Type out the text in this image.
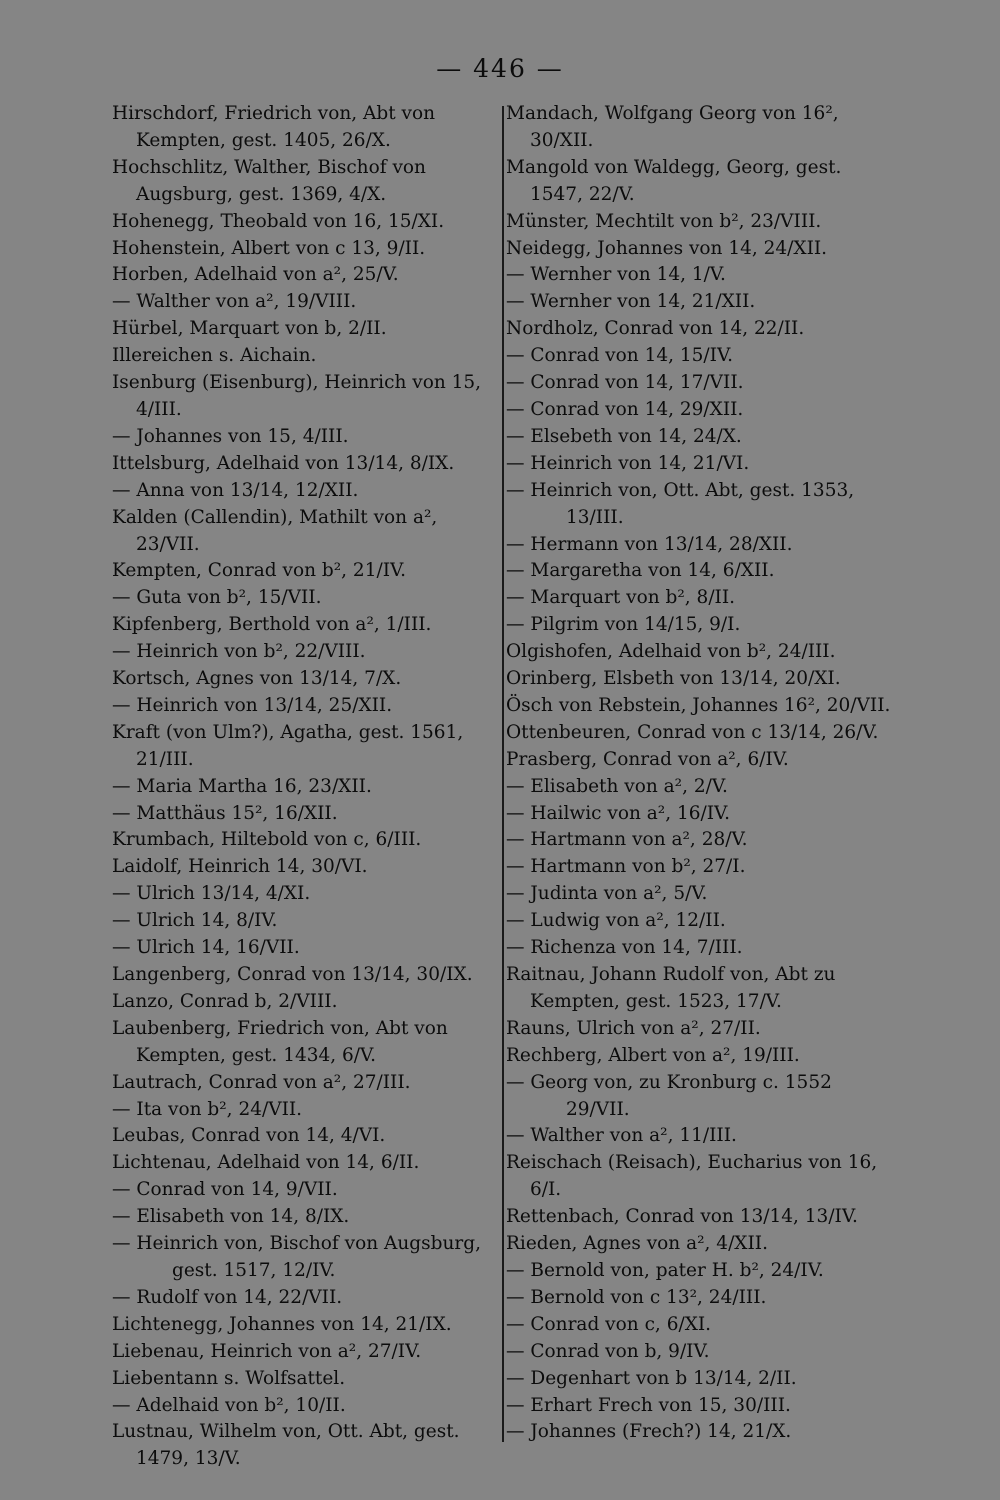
— 446 —
Hirschdorf, Friedrich von, Abt von Kempten, gest. 1405, 26/X.
Hochschlitz, Walther, Bischof von Augsburg, gest. 1369, 4/X.
Hohenegg, Theobald von 16, 15/XI.
Hohenstein, Albert von c 13, 9/II.
Horben, Adelhaid von a², 25/V.
— Walther von a², 19/VIII.
Hürbel, Marquart von b, 2/II.
Illereichen s. Aichain.
Isenburg (Eisenburg), Heinrich von 15, 4/III.
— Johannes von 15, 4/III.
Ittelsburg, Adelhaid von 13/14, 8/IX.
— Anna von 13/14, 12/XII.
Kalden (Callendin), Mathilt von a², 23/VII.
Kempten, Conrad von b², 21/IV.
— Guta von b², 15/VII.
Kipfenberg, Berthold von a², 1/III.
— Heinrich von b², 22/VIII.
Kortsch, Agnes von 13/14, 7/X.
— Heinrich von 13/14, 25/XII.
Kraft (von Ulm?), Agatha, gest. 1561, 21/III.
— Maria Martha 16, 23/XII.
— Matthäus 15², 16/XII.
Krumbach, Hiltebold von c, 6/III.
Laidolf, Heinrich 14, 30/VI.
— Ulrich 13/14, 4/XI.
— Ulrich 14, 8/IV.
— Ulrich 14, 16/VII.
Langenberg, Conrad von 13/14, 30/IX.
Lanzo, Conrad b, 2/VIII.
Laubenberg, Friedrich von, Abt von Kempten, gest. 1434, 6/V.
Lautrach, Conrad von a², 27/III.
— Ita von b², 24/VII.
Leubas, Conrad von 14, 4/VI.
Lichtenau, Adelhaid von 14, 6/II.
— Conrad von 14, 9/VII.
— Elisabeth von 14, 8/IX.
— Heinrich von, Bischof von Augsburg, gest. 1517, 12/IV.
— Rudolf von 14, 22/VII.
Lichtenegg, Johannes von 14, 21/IX.
Liebenau, Heinrich von a², 27/IV.
Liebentann s. Wolfsattel.
— Adelhaid von b², 10/II.
Lustnau, Wilhelm von, Ott. Abt, gest. 1479, 13/V.
Mandach, Wolfgang Georg von 16², 30/XII.
Mangold von Waldegg, Georg, gest. 1547, 22/V.
Münster, Mechtilt von b², 23/VIII.
Neidegg, Johannes von 14, 24/XII.
— Wernher von 14, 1/V.
— Wernher von 14, 21/XII.
Nordholz, Conrad von 14, 22/II.
— Conrad von 14, 15/IV.
— Conrad von 14, 17/VII.
— Conrad von 14, 29/XII.
— Elsebeth von 14, 24/X.
— Heinrich von 14, 21/VI.
— Heinrich von, Ott. Abt, gest. 1353, 13/III.
— Hermann von 13/14, 28/XII.
— Margaretha von 14, 6/XII.
— Marquart von b², 8/II.
— Pilgrim von 14/15, 9/I.
Olgishofen, Adelhaid von b², 24/III.
Orinberg, Elsbeth von 13/14, 20/XI.
Ösch von Rebstein, Johannes 16², 20/VII.
Ottenbeuren, Conrad von c 13/14, 26/V.
Prasberg, Conrad von a², 6/IV.
— Elisabeth von a², 2/V.
— Hailwic von a², 16/IV.
— Hartmann von a², 28/V.
— Hartmann von b², 27/I.
— Judinta von a², 5/V.
— Ludwig von a², 12/II.
— Richenza von 14, 7/III.
Raitnau, Johann Rudolf von, Abt zu Kempten, gest. 1523, 17/V.
Rauns, Ulrich von a², 27/II.
Rechberg, Albert von a², 19/III.
— Georg von, zu Kronburg c. 1552 29/VII.
— Walther von a², 11/III.
Reischach (Reisach), Eucharius von 16, 6/I.
Rettenbach, Conrad von 13/14, 13/IV.
Rieden, Agnes von a², 4/XII.
— Bernold von, pater H. b², 24/IV.
— Bernold von c 13², 24/III.
— Conrad von c, 6/XI.
— Conrad von b, 9/IV.
— Degenhart von b 13/14, 2/II.
— Erhart Frech von 15, 30/III.
— Johannes (Frech?) 14, 21/X.
